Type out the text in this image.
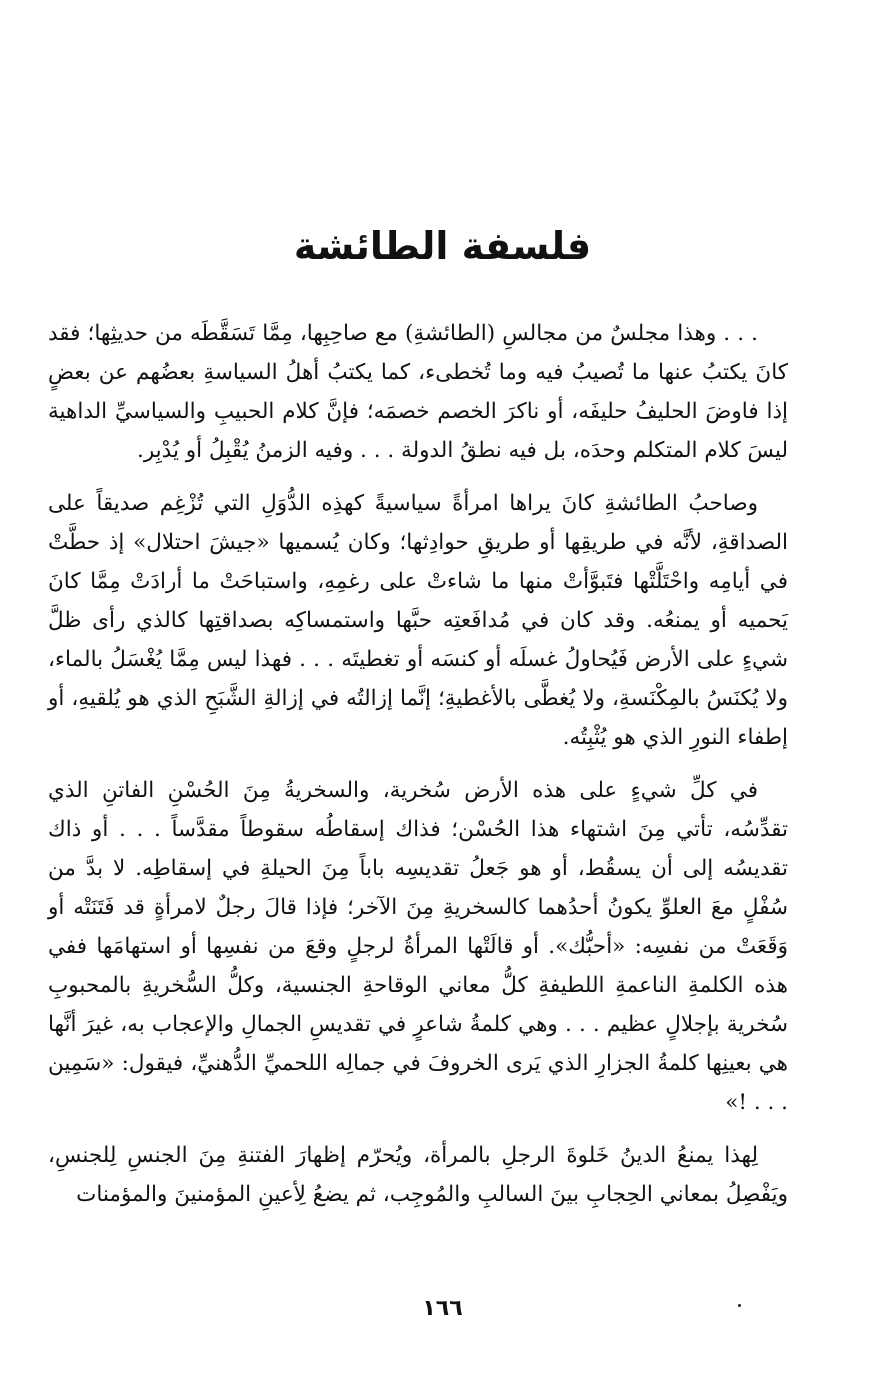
فلسفة الطائشة

. . . وهذا مجلسٌ من مجالسِ (الطائشةِ) مع صاحِبِها، مِمَّا تَسَقَّطَه من حديثِها؛ فقد كانَ يكتبُ عنها ما تُصيبُ فيه وما تُخطىء، كما يكتبُ أهلُ السياسةِ بعضُهم عن بعضٍ إذا فاوضَ الحليفُ حليفَه، أو ناكرَ الخصم خصمَه؛ فإنَّ كلام الحبيبِ والسياسيِّ الداهية ليسَ كلام المتكلم وحدَه، بل فيه نطقُ الدولة . . . وفيه الزمنُ يُقْبِلُ أو يُدْبِر.

وصاحبُ الطائشةِ كانَ يراها امرأةً سياسيةً كهذِه الدُّوَلِ التي تُزْغِم صديقاً على الصداقةِ، لأنَّه في طريقِها أو طريقِ حوادِثها؛ وكان يُسميها «جيشَ احتلال» إذ حطَّتْ في أيامِه واحْتَلَّتْها فتَبوَّأتْ منها ما شاءتْ على رغمِهِ، واستباحَتْ ما أرادَتْ مِمَّا كانَ يَحميه أو يمنعُه. وقد كان في مُدافَعتِه حبَّها واستمساكِه بصداقتِها كالذي رأى ظلَّ شيءٍ على الأرض فَيُحاولُ غسلَه أو كنسَه أو تغطيتَه . . . فهذا ليس مِمَّا يُغْسَلُ بالماء، ولا يُكنَسُ بالمِكْنَسةِ، ولا يُغطَّى بالأغطيةِ؛ إنَّما إزالتُه في إزالةِ الشَّبَحِ الذي هو يُلقيهِ، أو إطفاء النورِ الذي هو يُثْبِتُه.

في كلِّ شيءٍ على هذه الأرض سُخرية، والسخريةُ مِنَ الحُسْنِ الفاتنِ الذي تقدِّسُه، تأتي مِنَ اشتهاء هذا الحُسْن؛ فذاك إسقاطُه سقوطاً مقدَّساً . . . أو ذاك تقديسُه إلى أن يسقُط، أو هو جَعلُ تقديسِه باباً مِنَ الحيلةِ في إسقاطِه. لا بدَّ من سُفْلٍ معَ العلوِّ يكونُ أحدُهما كالسخريةِ مِنَ الآخر؛ فإذا قالَ رجلٌ لامرأةٍ قد فَتَنَتْه أو وَقَعَتْ من نفسِه: «أحبُّك». أو قالَتْها المرأةُ لرجلٍ وقعَ من نفسِها أو استهامَها ففي هذه الكلمةِ الناعمةِ اللطيفةِ كلُّ معاني الوقاحةِ الجنسية، وكلُّ السُّخريةِ بالمحبوبِ سُخرية بإجلالٍ عظيم . . . وهي كلمةُ شاعرٍ في تقديسِ الجمالِ والإعجاب به، غيرَ أنَّها هي بعينِها كلمةُ الجزارِ الذي يَرى الخروفَ في جمالِه اللحميِّ الدُّهنيِّ، فيقول: «سَمِين . . . !»

لِهذا يمنعُ الدينُ خَلوةَ الرجلِ بالمرأة، ويُحرّم إظهارَ الفتنةِ مِنَ الجنسِ لِلجنسِ، ويَفْصِلُ بمعاني الحِجابِ بينَ السالبِ والمُوجِب، ثم يضعُ لِأعينِ المؤمنينَ والمؤمنات

١٦٦
